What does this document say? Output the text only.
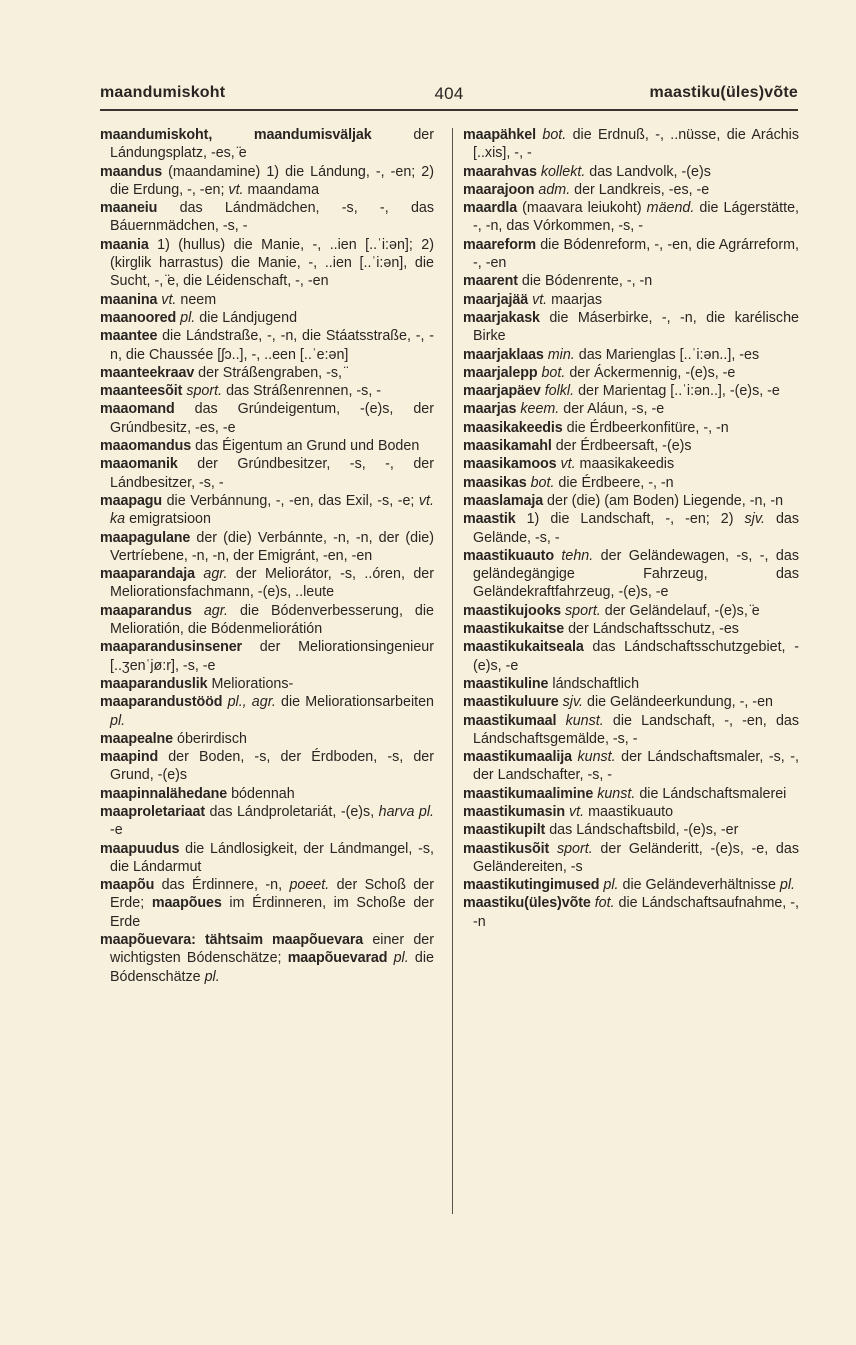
404
maandumiskoht	maastiku(üles)võte

maandumiskoht, maandumisväljak der Lándungsplatz, -es, ̈e

maandus (maandamine) 1) die Lándung, -, -en; 2) die Erdung, -, -en; vt. maandama

maaneiu das Lándmädchen, -s, -, das Báuernmädchen, -s, -

maania 1) (hullus) die Manie, -, ..ien [..ˈi:ən]; 2) (kirglik harrastus) die Manie, -, ..ien [..ˈi:ən], die Sucht, -, ̈e, die Léidenschaft, -, -en

maanina vt. neem

maanoored pl. die Lándjugend

maantee die Lándstraße, -, -n, die Stáatsstraße, -, -n, die Chaussée [ʃɔ..], -, ..een [..ˈe:ən]

maanteekraav der Stráßengraben, -s, ̈

maanteesõit sport. das Stráßenrennen, -s, -

maaomand das Grúndeigentum, -(e)s, der Grúndbesitz, -es, -e

maaomandus das Éigentum an Grund und Boden

maaomanik der Grúndbesitzer, -s, -, der Lándbesitzer, -s, -

maapagu die Verbánnung, -, -en, das Exil, -s, -e; vt. ka emigratsioon

maapagulane der (die) Verbánnte, -n, -n, der (die) Vertríebene, -n, -n, der Emigránt, -en, -en

maaparandaja agr. der Meliorátor, -s, ..óren, der Meliorationsfachmann, -(e)s, ..leute

maaparandus agr. die Bódenverbesserung, die Melioratión, die Bódenmeliorátión

maaparandusinsener der Meliorationsingenieur [..ʒenˈjø:r], -s, -e

maaparanduslik Meliorations-

maaparandustööd pl., agr. die Meliorationsarbeiten pl.

maapealne óberirdisch

maapind der Boden, -s, der Érdboden, -s, der Grund, -(e)s

maapinnalähedane bódennah

maaproletariaat das Lándproletariát, -(e)s, harva pl. -e

maapuudus die Lándlosigkeit, der Lándmangel, -s, die Lándarmut

maapõu das Érdinnere, -n, poeet. der Schoß der Erde; maapõues im Érdinneren, im Schoße der Erde

maapõuevara: tähtsaim maapõuevara einer der wichtigsten Bódenschätze; maapõuevarad pl. die Bódenschätze pl.

maapähkel bot. die Erdnuß, -, ..nüsse, die Aráchis [..xis], -, -

maarahvas kollekt. das Landvolk, -(e)s

maarajoon adm. der Landkreis, -es, -e

maardla (maavara leiukoht) mäend. die Lágerstätte, -, -n, das Vórkommen, -s, -

maareform die Bódenreform, -, -en, die Agrárreform, -, -en

maarent die Bódenrente, -, -n

maarjajää vt. maarjas

maarjakask die Máserbirke, -, -n, die karélische Birke

maarjaklaas min. das Marienglas [..ˈi:ən..], -es

maarjalepp bot. der Áckermennig, -(e)s, -e

maarjapäev folkl. der Marientag [..ˈi:ən..], -(e)s, -e

maarjas keem. der Aláun, -s, -e

maasikakeedis die Érdbeerkonfitüre, -, -n

maasikamahl der Érdbeersaft, -(e)s

maasikamoos vt. maasikakeedis

maasikas bot. die Érdbeere, -, -n

maaslamaja der (die) (am Boden) Liegende, -n, -n

maastik 1) die Landschaft, -, -en; 2) sjv. das Gelände, -s, -

maastikuauto tehn. der Geländewagen, -s, -, das geländegängige Fahrzeug, das Geländekraftfahrzeug, -(e)s, -e

maastikujooks sport. der Geländelauf, -(e)s, ̈e

maastikukaitse der Lándschaftsschutz, -es

maastikukaitseala das Lándschaftsschutzgebiet, -(e)s, -e

maastikuline lándschaftlich

maastikuluure sjv. die Geländeerkundung, -, -en

maastikumaal kunst. die Landschaft, -, -en, das Lándschaftsgemälde, -s, -

maastikumaalija kunst. der Lándschaftsmaler, -s, -, der Landschafter, -s, -

maastikumaalimine kunst. die Lándschaftsmalerei

maastikumasin vt. maastikuauto

maastikupilt das Lándschaftsbild, -(e)s, -er

maastikusõit sport. der Geländeritt, -(e)s, -e, das Geländereiten, -s

maastikutingimused pl. die Geländeverhältnisse pl.

maastiku(üles)võte fot. die Lándschaftsaufnahme, -, -n
